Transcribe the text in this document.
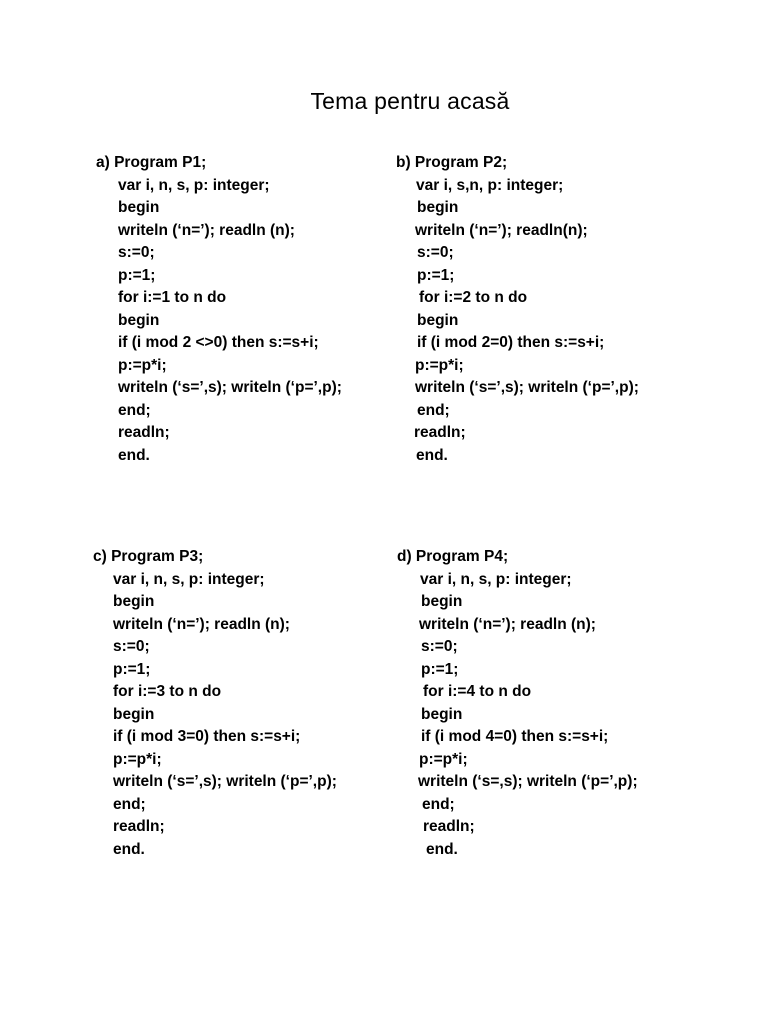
Tema pentru acasă
a) Program P1;
var i, n, s, p: integer;
begin
writeln (‘n=’); readln (n);
s:=0;
p:=1;
for i:=1 to n do
begin
if (i mod 2 <>0) then s:=s+i;
p:=p*i;
writeln (‘s=’,s); writeln (‘p=’,p);
end;
readln;
end.
b) Program P2;
var i, s,n, p: integer;
begin
writeln (‘n=’); readln(n);
s:=0;
p:=1;
for i:=2 to n do
begin
if (i mod 2=0) then s:=s+i;
p:=p*i;
writeln (‘s=’,s); writeln (‘p=’,p);
end;
readln;
end.
c) Program P3;
var i, n, s, p: integer;
begin
writeln (‘n=’); readln (n);
s:=0;
p:=1;
for i:=3 to n do
begin
if (i mod 3=0) then s:=s+i;
p:=p*i;
writeln (‘s=’,s); writeln (‘p=’,p);
end;
readln;
end.
d) Program P4;
var i, n, s, p: integer;
begin
writeln (‘n=’); readln (n);
s:=0;
p:=1;
for i:=4 to n do
begin
if (i mod 4=0) then s:=s+i;
p:=p*i;
writeln (‘s=,s); writeln (‘p=’,p);
end;
readln;
end.
